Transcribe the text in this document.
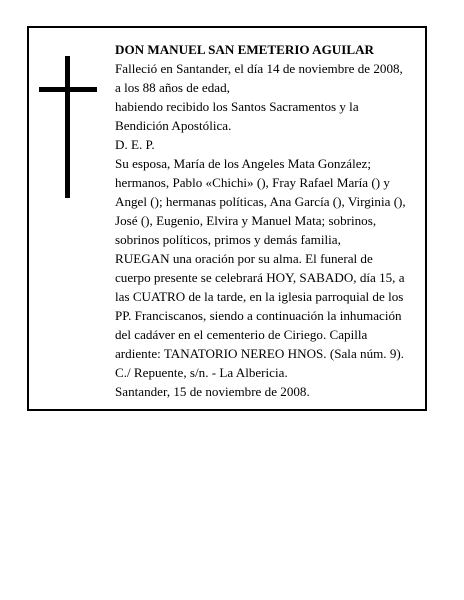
DON MANUEL SAN EMETERIO AGUILAR
Falleció en Santander, el día 14 de noviembre de 2008,
a los 88 años de edad,
habiendo recibido los Santos Sacramentos y la
Bendición Apostólica.
D. E. P.
Su esposa, María de los Angeles Mata González;
hermanos, Pablo «Chichi» (), Fray Rafael María () y
Angel (); hermanas políticas, Ana García (), Virginia (),
José (), Eugenio, Elvira y Manuel Mata; sobrinos,
sobrinos políticos, primos y demás familia,
RUEGAN una oración por su alma. El funeral de
cuerpo presente se celebrará HOY, SABADO, día 15, a
las CUATRO de la tarde, en la iglesia parroquial de los
PP. Franciscanos, siendo a continuación la inhumación
del cadáver en el cementerio de Ciriego. Capilla
ardiente: TANATORIO NEREO HNOS. (Sala núm. 9).
C./ Repuente, s/n. - La Albericia.
Santander, 15 de noviembre de 2008.
